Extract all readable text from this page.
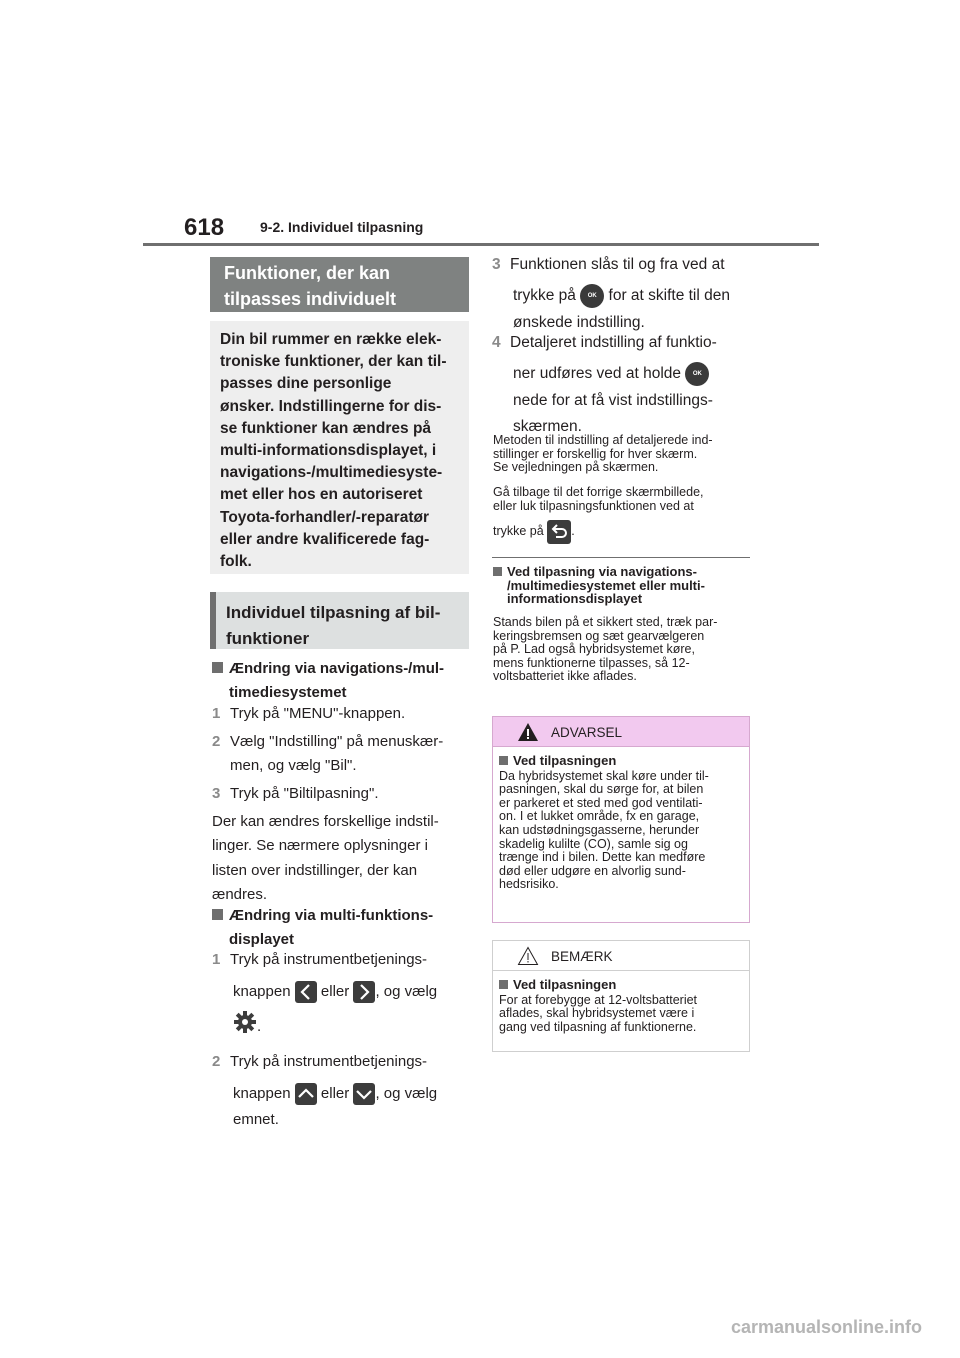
618	9-2. Individuel tilpasning
Funktioner, der kan
tilpasses individuelt
Din bil rummer en række elek-
troniske funktioner, der kan til-
passes dine personlige
ønsker. Indstillingerne for dis-
se funktioner kan ændres på
multi-informationsdisplayet, i
navigations-/multimediesyste-
met eller hos en autoriseret
Toyota-forhandler/-reparatør
eller andre kvalificerede fag-
folk.
Individuel tilpasning af bil-
funktioner
Ændring via navigations-/mul-
timediesystemet
1 Tryk på "MENU"-knappen.
2 Vælg "Indstilling" på menuskær-
men, og vælg "Bil".
3 Tryk på "Biltilpasning".
Der kan ændres forskellige indstil-
linger. Se nærmere oplysninger i
listen over indstillinger, der kan
ændres.
Ændring via multi-funktions-
displayet
1 Tryk på instrumentbetjenings-
knappen eller , og vælg
.
2 Tryk på instrumentbetjenings-
knappen eller , og vælg
emnet.
3 Funktionen slås til og fra ved at
trykke på OK for at skifte til den
ønskede indstilling.
4 Detaljeret indstilling af funktio-
ner udføres ved at holde OK
nede for at få vist indstillings-
skærmen.
Metoden til indstilling af detaljerede ind-
stillinger er forskellig for hver skærm.
Se vejledningen på skærmen.
Gå tilbage til det forrige skærmbillede,
eller luk tilpasningsfunktionen ved at
trykke på .
Ved tilpasning via navigations-
/multimediesystemet eller multi-
informationsdisplayet
Stands bilen på et sikkert sted, træk par-
keringsbremsen og sæt gearvælgeren
på P. Lad også hybridsystemet køre,
mens funktionerne tilpasses, så 12-
voltsbatteriet ikke aflades.
ADVARSEL
Ved tilpasningen
Da hybridsystemet skal køre under til-
pasningen, skal du sørge for, at bilen
er parkeret et sted med god ventilati-
on. I et lukket område, fx en garage,
kan udstødningsgasserne, herunder
skadelig kulilte (CO), samle sig og
trænge ind i bilen. Dette kan medføre
død eller udgøre en alvorlig sund-
hedsrisiko.
BEMÆRK
Ved tilpasningen
For at forebygge at 12-voltsbatteriet
aflades, skal hybridsystemet være i
gang ved tilpasning af funktionerne.
carmanualsonline.info
